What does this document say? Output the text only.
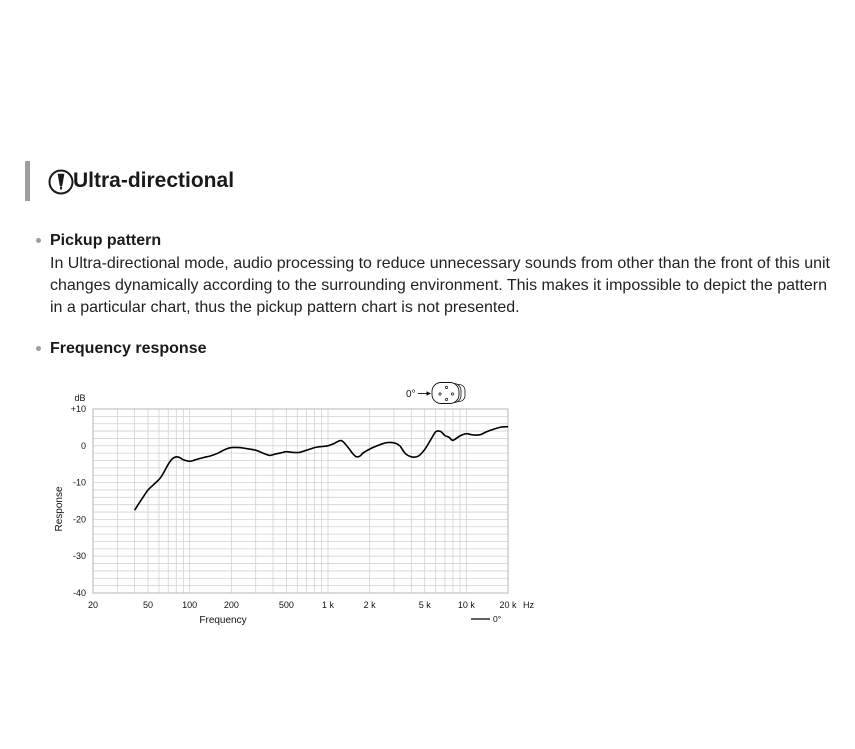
Ultra-directional
Pickup pattern

In Ultra-directional mode, audio processing to reduce unnecessary sounds from other than the front of this unit changes dynamically according to the surrounding environment. This makes it impossible to depict the pattern in a particular chart, thus the pickup pattern chart is not presented.

Frequency response
20	50	100	200	500	1 k	2 k	5 k	10 k	20 k
+10
0
-10
-20
-30
-40
dB
Hz
Frequency
Response
0°
0°
